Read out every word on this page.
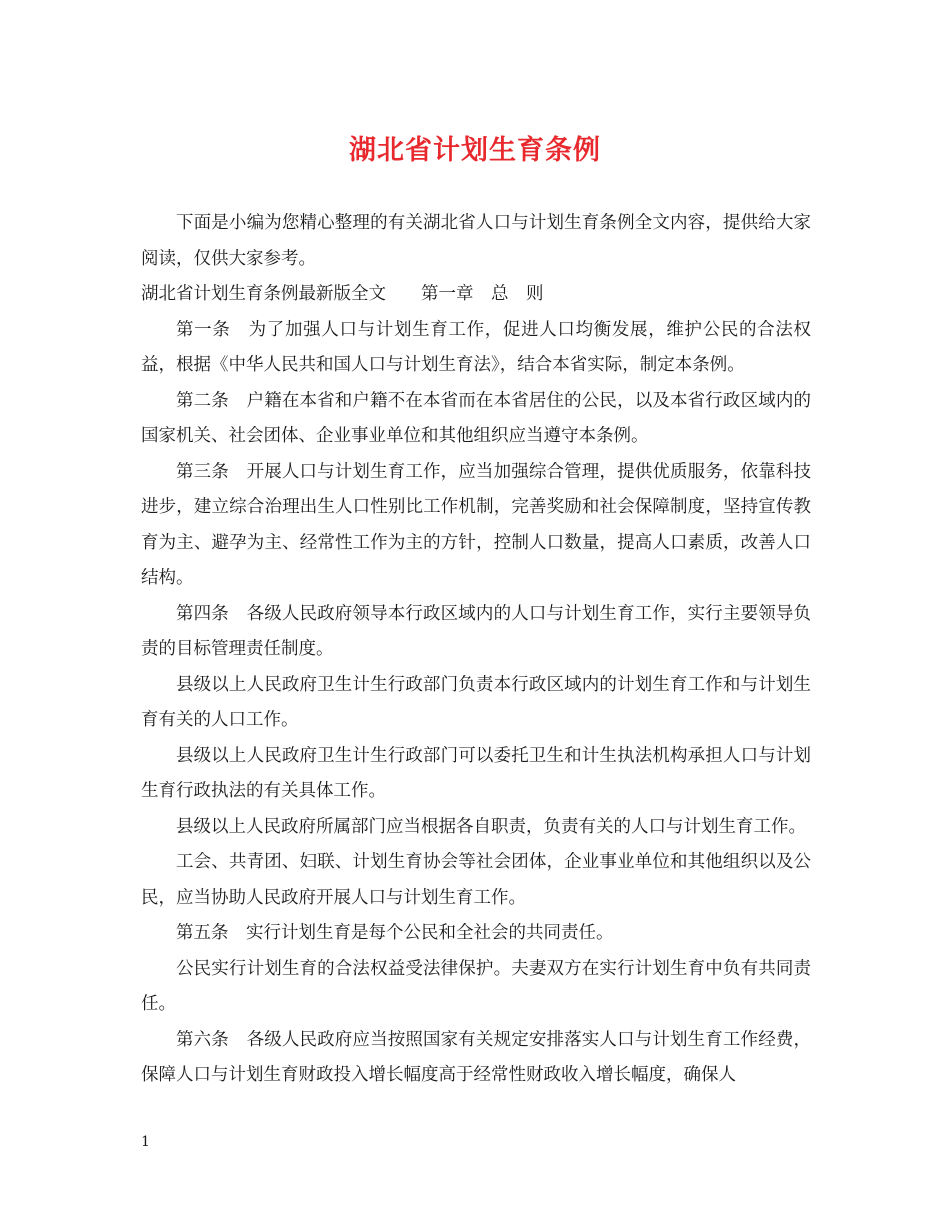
湖北省计划生育条例

下面是小编为您精心整理的有关湖北省人口与计划生育条例全文内容，提供给大家阅读，仅供大家参考。

湖北省计划生育条例最新版全文　　第一章　总　则

第一条　为了加强人口与计划生育工作，促进人口均衡发展，维护公民的合法权益，根据《中华人民共和国人口与计划生育法》，结合本省实际，制定本条例。

第二条　户籍在本省和户籍不在本省而在本省居住的公民，以及本省行政区域内的国家机关、社会团体、企业事业单位和其他组织应当遵守本条例。

第三条　开展人口与计划生育工作，应当加强综合管理，提供优质服务，依靠科技进步，建立综合治理出生人口性别比工作机制，完善奖励和社会保障制度，坚持宣传教育为主、避孕为主、经常性工作为主的方针，控制人口数量，提高人口素质，改善人口结构。

第四条　各级人民政府领导本行政区域内的人口与计划生育工作，实行主要领导负责的目标管理责任制度。

县级以上人民政府卫生计生行政部门负责本行政区域内的计划生育工作和与计划生育有关的人口工作。

县级以上人民政府卫生计生行政部门可以委托卫生和计生执法机构承担人口与计划生育行政执法的有关具体工作。

县级以上人民政府所属部门应当根据各自职责，负责有关的人口与计划生育工作。

工会、共青团、妇联、计划生育协会等社会团体，企业事业单位和其他组织以及公民，应当协助人民政府开展人口与计划生育工作。

第五条　实行计划生育是每个公民和全社会的共同责任。

公民实行计划生育的合法权益受法律保护。夫妻双方在实行计划生育中负有共同责任。

第六条　各级人民政府应当按照国家有关规定安排落实人口与计划生育工作经费，保障人口与计划生育财政投入增长幅度高于经常性财政收入增长幅度，确保人

1
